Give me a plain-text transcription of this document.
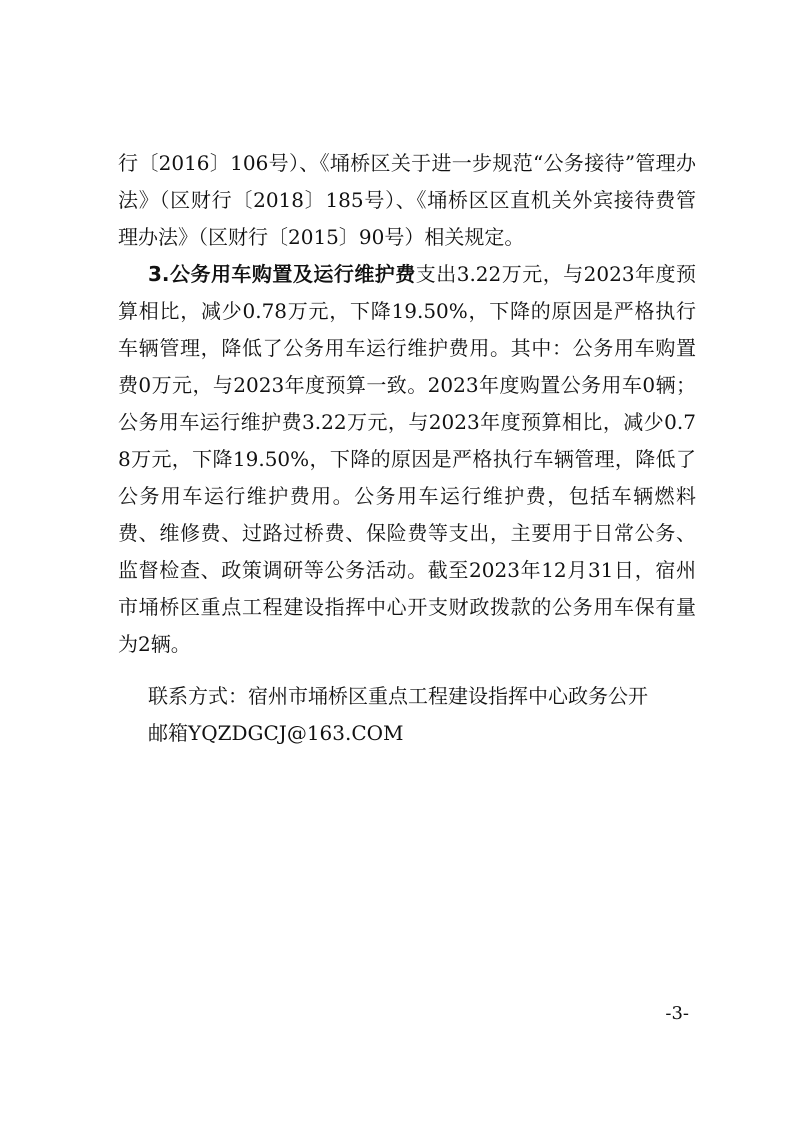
行〔2016〕106号）、《埇桥区关于进一步规范“公务接待”管理办法》（区财行〔2018〕185号）、《埇桥区区直机关外宾接待费管理办法》（区财行〔2015〕90号）相关规定。

3.公务用车购置及运行维护费支出3.22万元，与2023年度预算相比，减少0.78万元，下降19.50%，下降的原因是严格执行车辆管理，降低了公务用车运行维护费用。其中：公务用车购置费0万元，与2023年度预算一致。2023年度购置公务用车0辆；公务用车运行维护费3.22万元，与2023年度预算相比，减少0.78万元，下降19.50%，下降的原因是严格执行车辆管理，降低了公务用车运行维护费用。公务用车运行维护费，包括车辆燃料费、维修费、过路过桥费、保险费等支出，主要用于日常公务、监督检查、政策调研等公务活动。截至2023年12月31日，宿州市埇桥区重点工程建设指挥中心开支财政拨款的公务用车保有量为2辆。

联系方式：宿州市埇桥区重点工程建设指挥中心政务公开
邮箱YQZDGCJ@163.COM

-3-
